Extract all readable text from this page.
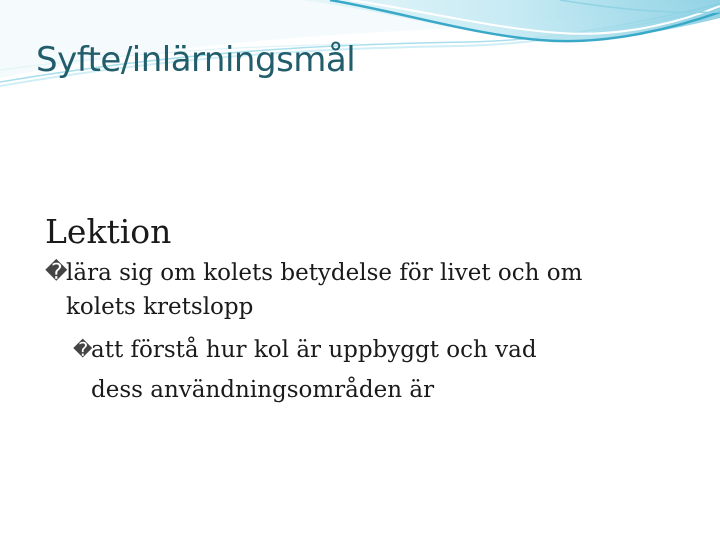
Syfte/inlärningsmål
Lektion
�
lära sig om kolets betydelse för livet och om
kolets kretslopp
�
att förstå hur kol är uppbyggt och vad
dess användningsområden är
